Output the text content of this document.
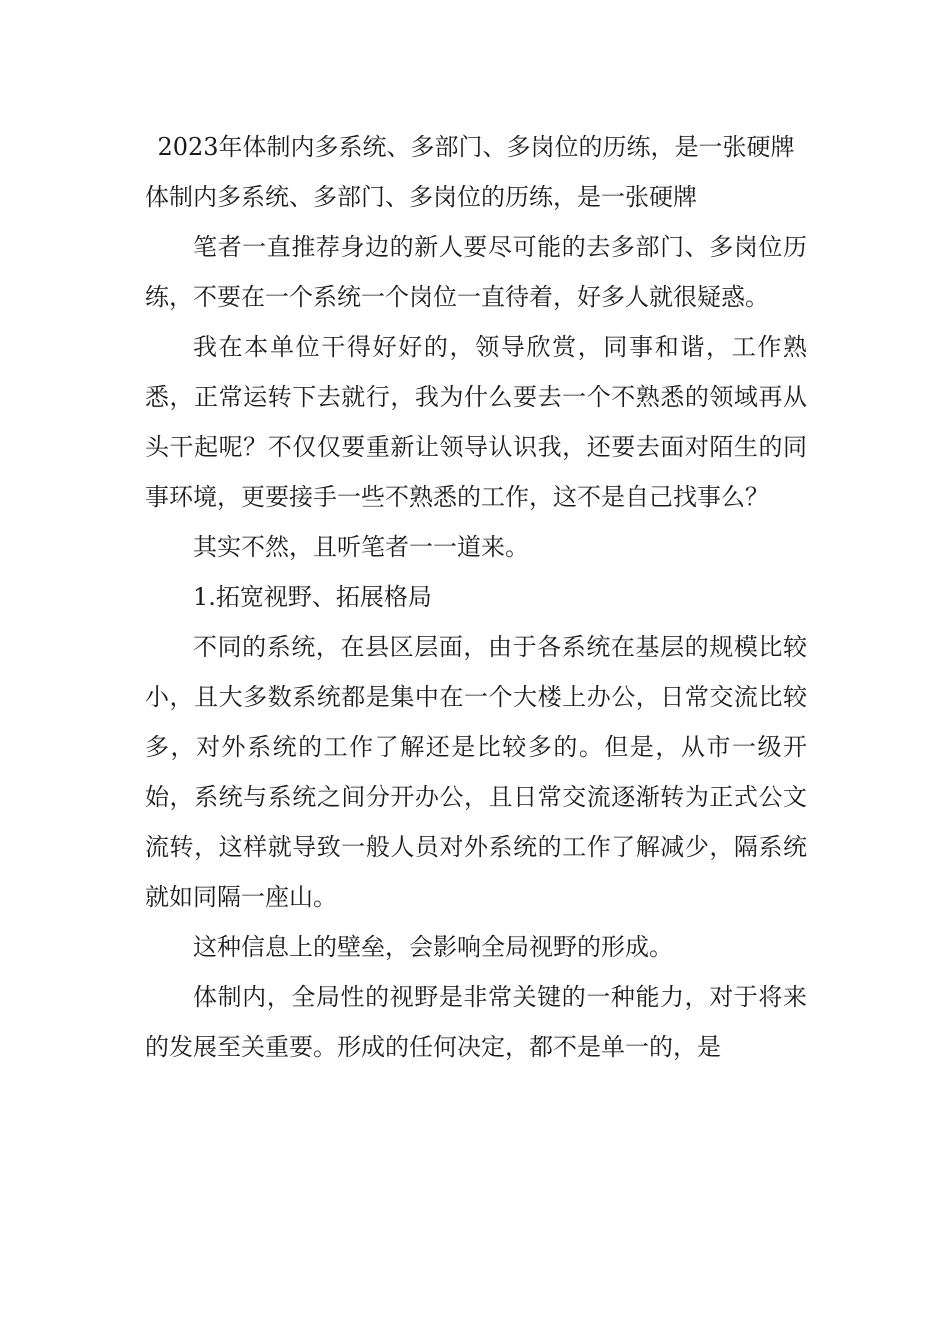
2023年体制内多系统、多部门、多岗位的历练，是一张硬牌

体制内多系统、多部门、多岗位的历练，是一张硬牌

笔者一直推荐身边的新人要尽可能的去多部门、多岗位历练，不要在一个系统一个岗位一直待着，好多人就很疑惑。

我在本单位干得好好的，领导欣赏，同事和谐，工作熟悉，正常运转下去就行，我为什么要去一个不熟悉的领域再从头干起呢？不仅仅要重新让领导认识我，还要去面对陌生的同事环境，更要接手一些不熟悉的工作，这不是自己找事么？

其实不然，且听笔者一一道来。

1.拓宽视野、拓展格局

不同的系统，在县区层面，由于各系统在基层的规模比较小，且大多数系统都是集中在一个大楼上办公，日常交流比较多，对外系统的工作了解还是比较多的。但是，从市一级开始，系统与系统之间分开办公，且日常交流逐渐转为正式公文流转，这样就导致一般人员对外系统的工作了解减少，隔系统就如同隔一座山。

这种信息上的壁垒，会影响全局视野的形成。

体制内，全局性的视野是非常关键的一种能力，对于将来的发展至关重要。形成的任何决定，都不是单一的，是
